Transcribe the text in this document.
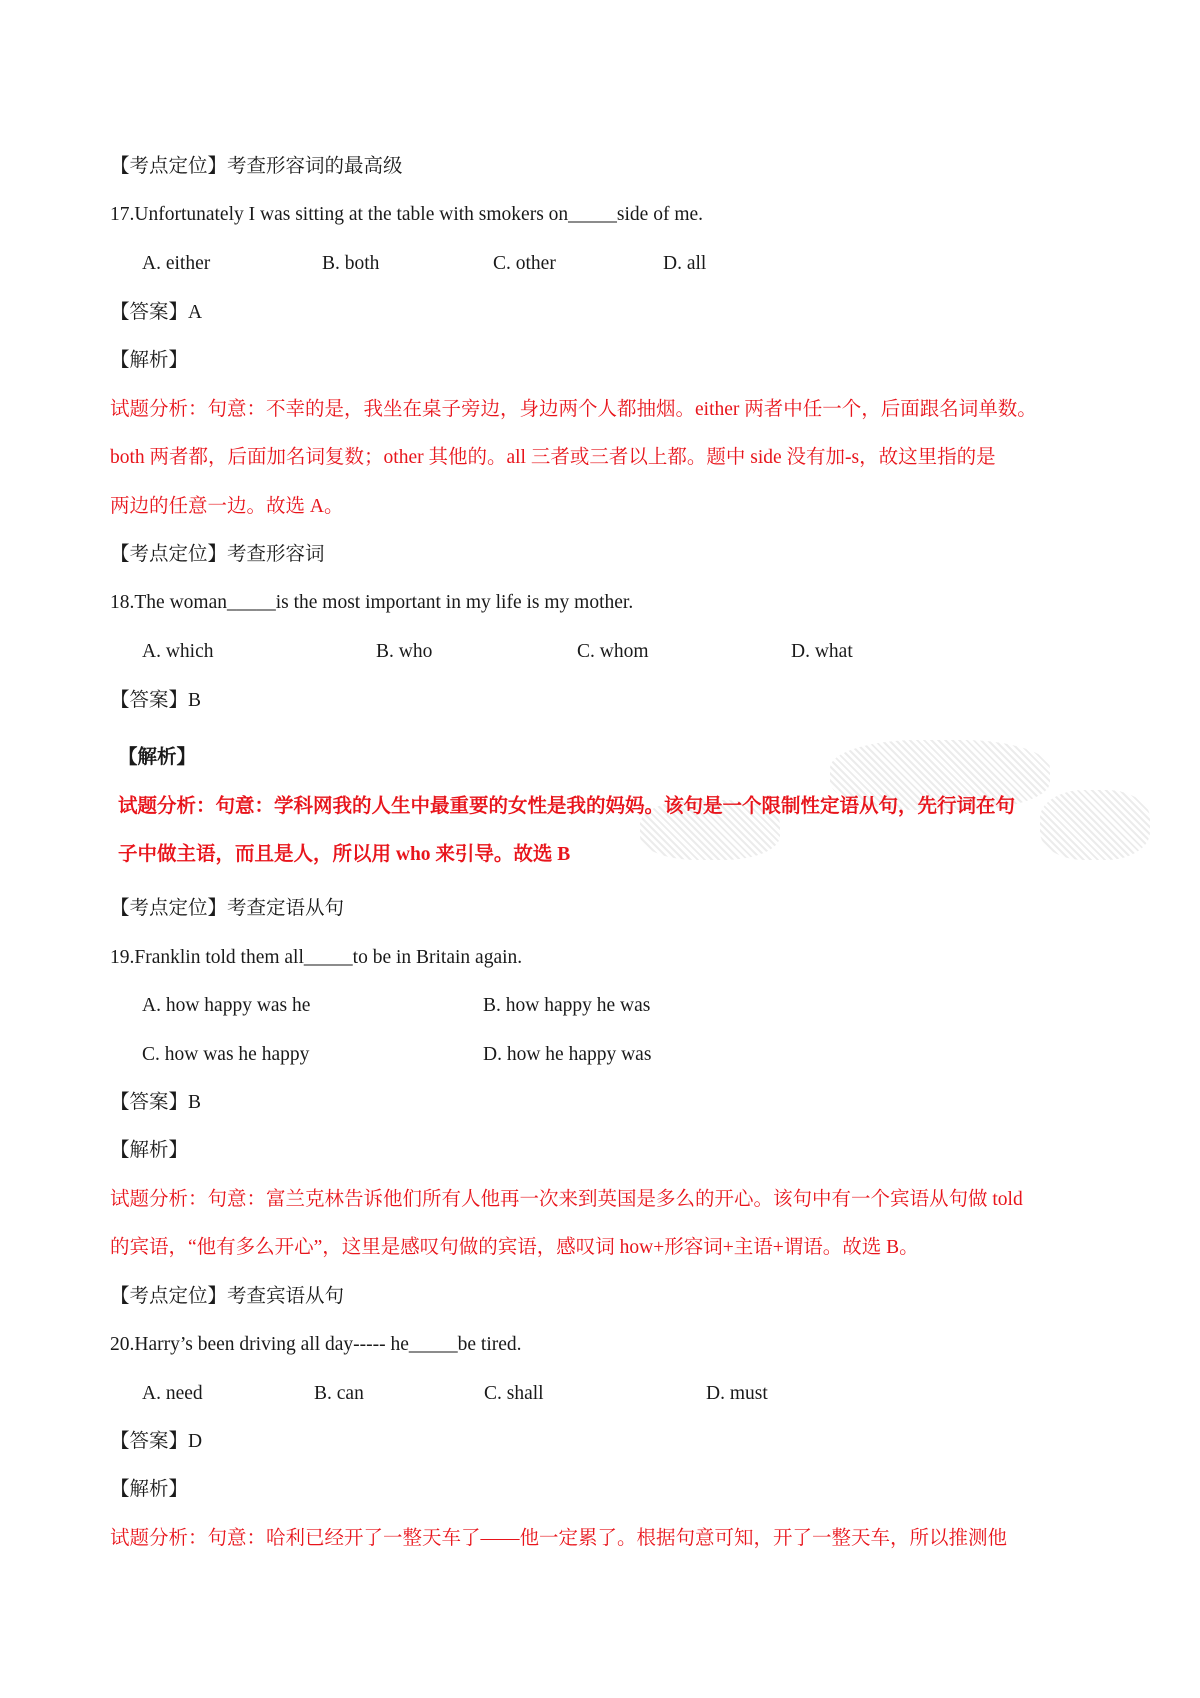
【考点定位】考查形容词的最高级
17.Unfortunately I was sitting at the table with smokers on_____side of me.
A. either	B. both	C. other	D. all
【答案】A
【解析】
试题分析：句意：不幸的是，我坐在桌子旁边，身边两个人都抽烟。either 两者中任一个，后面跟名词单数。
both 两者都，后面加名词复数；other 其他的。all 三者或三者以上都。题中 side 没有加-s，故这里指的是
两边的任意一边。故选 A。
【考点定位】考查形容词
18.The woman_____is the most important in my life is my mother.
A. which	B. who	C. whom	D. what
【答案】B
【解析】
试题分析：句意：学科网我的人生中最重要的女性是我的妈妈。该句是一个限制性定语从句，先行词在句
子中做主语，而且是人，所以用 who 来引导。故选 B
【考点定位】考查定语从句
19.Franklin told them all_____to be in Britain again.
A. how happy was he	B. how happy he was
C. how was he happy	D. how he happy was
【答案】B
【解析】
试题分析：句意：富兰克林告诉他们所有人他再一次来到英国是多么的开心。该句中有一个宾语从句做 told
的宾语，“他有多么开心”，这里是感叹句做的宾语，感叹词 how+形容词+主语+谓语。故选 B。
【考点定位】考查宾语从句
20.Harry’s been driving all day----- he_____be tired.
A. need	B. can	C. shall	D. must
【答案】D
【解析】
试题分析：句意：哈利已经开了一整天车了——他一定累了。根据句意可知，开了一整天车，所以推测他
